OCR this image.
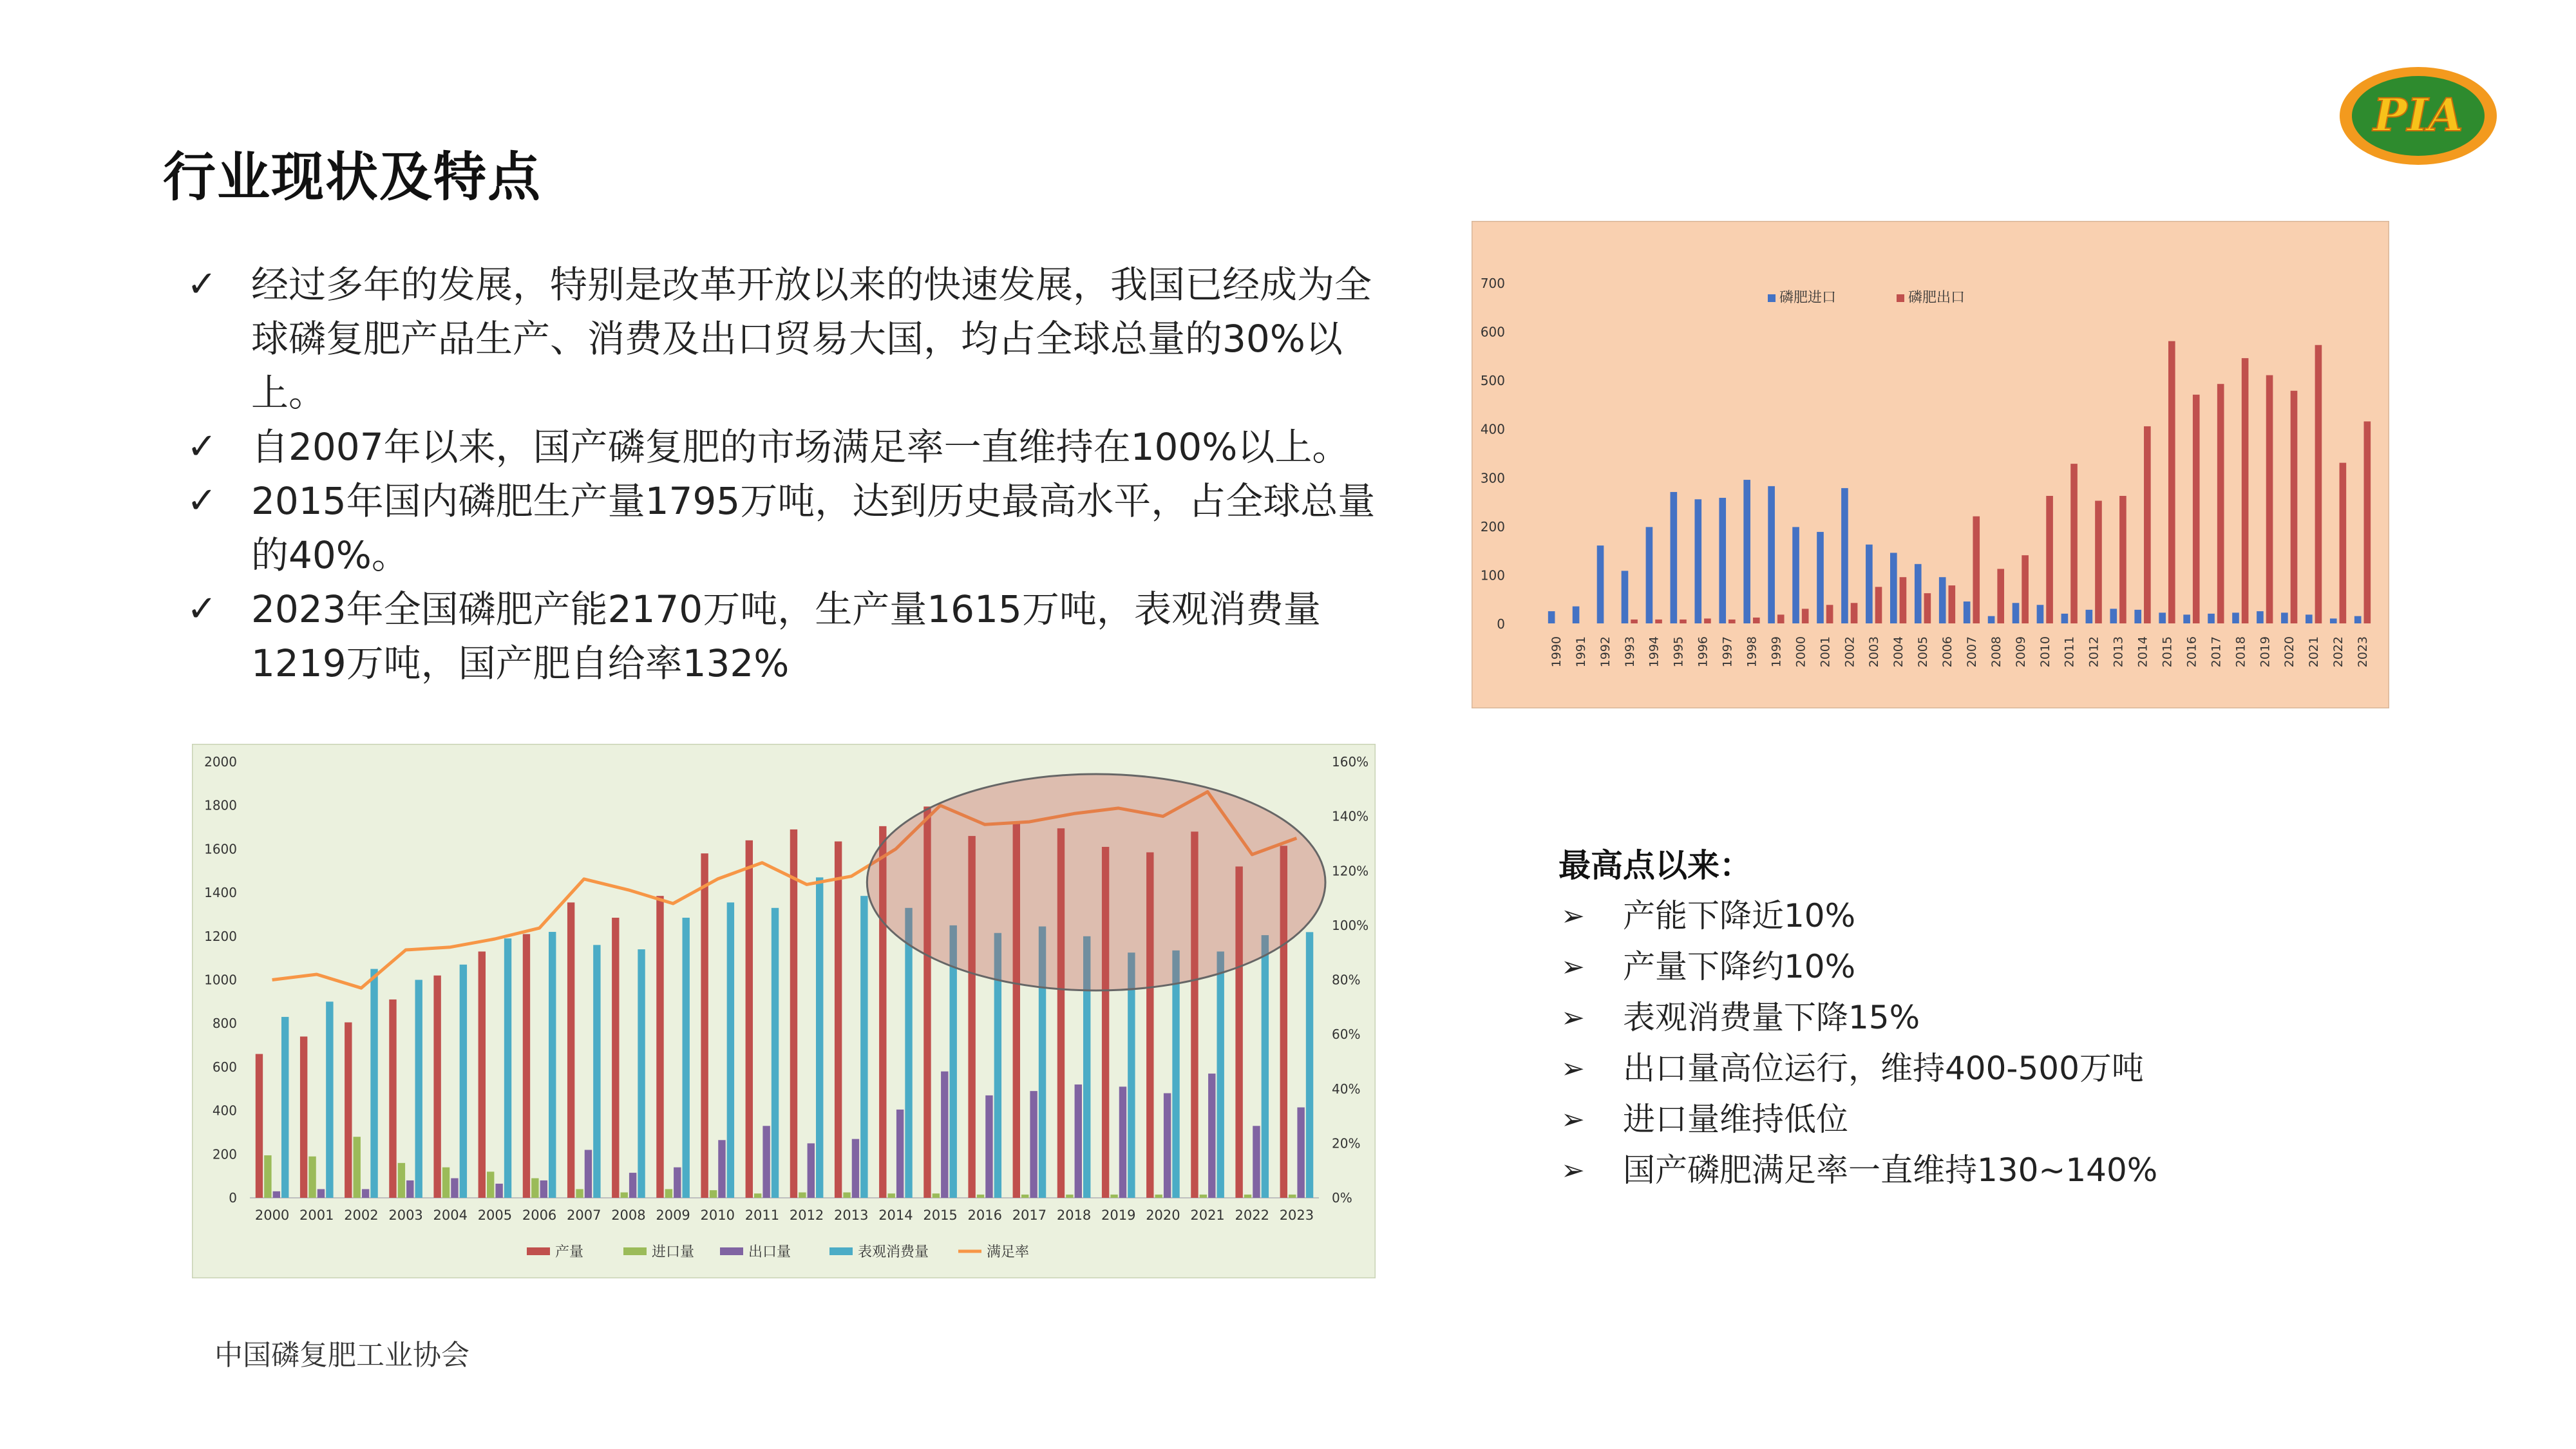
PIA
行业现状及特点
✓ 经过多年的发展，特别是改革开放以来的快速发展，我国已经成为全球磷复肥产品生产、消费及出口贸易大国，均占全球总量的30%以上。
✓ 自2007年以来，国产磷复肥的市场满足率一直维持在100%以上。
✓ 2015年国内磷肥生产量1795万吨，达到历史最高水平，占全球总量的40%。
✓ 2023年全国磷肥产能2170万吨，生产量1615万吨，表观消费量1219万吨，国产肥自给率132%
0
100
200
300
400
500
600
700
1990 1991 1992 1993 1994 1995 1996 1997 1998 1999 2000 2001 2002 2003 2004 2005 2006 2007 2008 2009 2010 2011 2012 2013 2014 2015 2016 2017 2018 2019 2020 2021 2022 2023
磷肥进口	磷肥出口
0
200
400
600
800
1000
1200
1400
1600
1800
2000
0%
20%
40%
60%
80%
100%
120%
140%
160%
2000 2001 2002 2003 2004 2005 2006 2007 2008 2009 2010 2011 2012 2013 2014 2015 2016 2017 2018 2019 2020 2021 2022 2023
产量	进口量	出口量	表观消费量	满足率
最高点以来：
➢ 产能下降近10%
➢ 产量下降约10%
➢ 表观消费量下降15%
➢ 出口量高位运行，维持400-500万吨
➢ 进口量维持低位
➢ 国产磷肥满足率一直维持130~140%
中国磷复肥工业协会
